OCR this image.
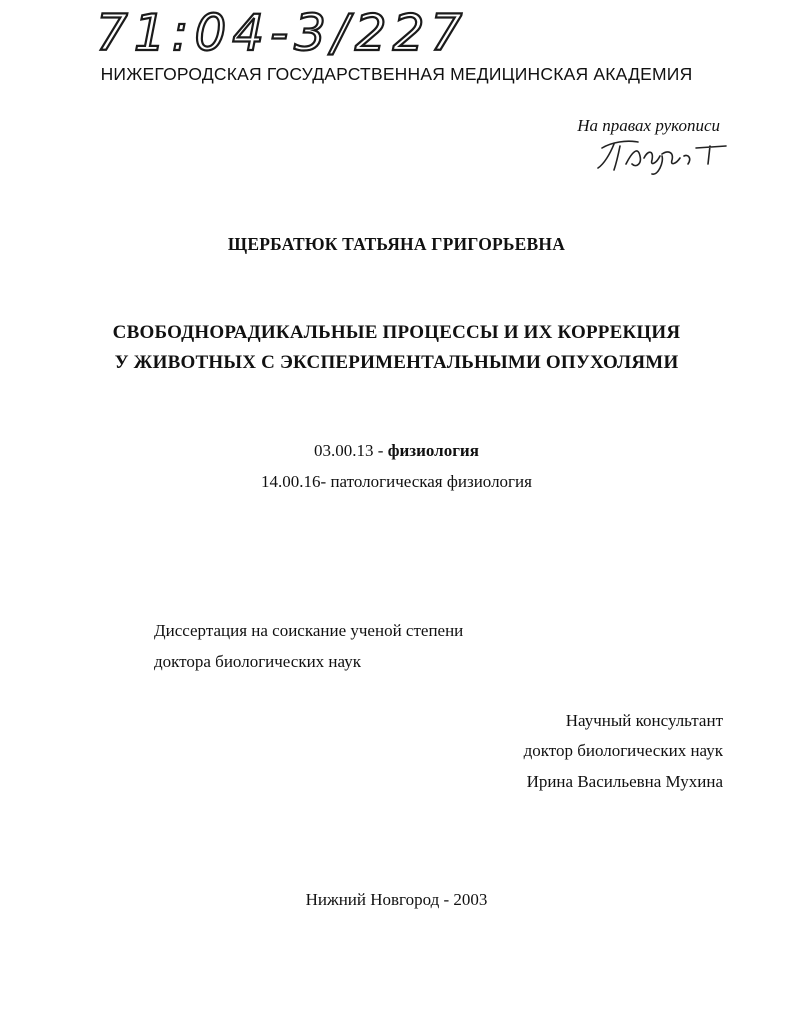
71:04-3/227
НИЖЕГОРОДСКАЯ ГОСУДАРСТВЕННАЯ МЕДИЦИНСКАЯ АКАДЕМИЯ
На правах рукописи
ЩЕРБАТЮК ТАТЬЯНА ГРИГОРЬЕВНА
СВОБОДНОРАДИКАЛЬНЫЕ ПРОЦЕССЫ И ИХ КОРРЕКЦИЯ
У ЖИВОТНЫХ С ЭКСПЕРИМЕНТАЛЬНЫМИ ОПУХОЛЯМИ
03.00.13 - физиология
14.00.16- патологическая физиология
Диссертация на соискание ученой степени
доктора биологических наук
Научный консультант
доктор биологических наук
Ирина Васильевна Мухина
Нижний Новгород - 2003
